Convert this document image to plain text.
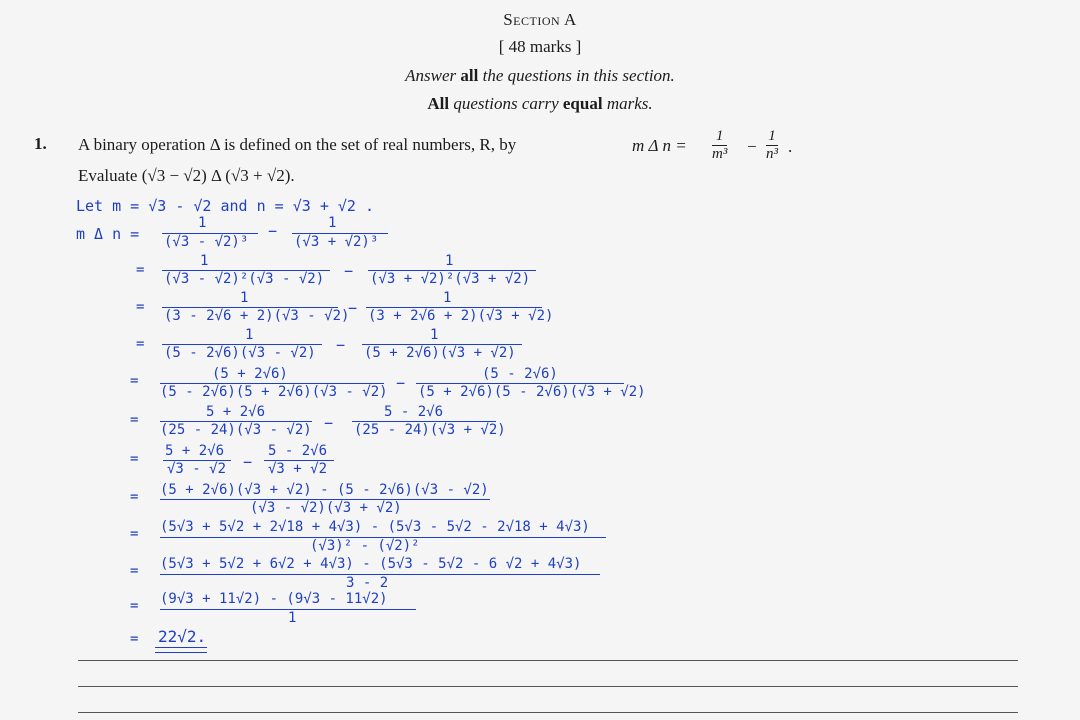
Section A
[ 48 marks ]
Answer all the questions in this section.
All questions carry equal marks.
1. A binary operation Δ is defined on the set of real numbers, R, by	m Δ $n = \frac{1}{\text{m³}} - \frac{1}{\text{n³}}$ .
Evaluate (√3 − √2) Δ (√3 + √2).
Let m = √3 - √2 and n = √3 + √2 .
m Δ n =
1
(√3 - √2)³
−	1
(√3 + √2)³
=
1
(√3 - √2)²(√3 - √2) −
1
(√3 + √2)²(√3 + √2)
=
1
(3 - 2√6 + 2)(√3 - √2)
−
1
(3 + 2√6 + 2)(√3 + √2)
=
1
(5 - 2√6)(√3 - √2) −
1
(5 + 2√6)(√3 + √2)
=	(5 + 2√6)
(5 - 2√6)(5 + 2√6)(√3 - √2) −	(5 - 2√6)
(5 + 2√6)(5 - 2√6)(√3 + √2)
=	5 + 2√6
(25 - 24)(√3 - √2) −
5 - 2√6
(25 - 24)(√3 + √2)
= 5 + 2√6
√3 - √2 −
5 - 2√6
√3 + √2
= (5 + 2√6)(√3 + √2) - (5 - 2√6)(√3 - √2)
(√3 - √2)(√3 + √2)
= (5√3 + 5√2 + 2√18 + 4√3) - (5√3 - 5√2 - 2√18 + 4√3)
(√3)² - (√2)²
= (5√3 + 5√2 + 6√2 + 4√3) - (5√3 - 5√2 - 6 √2 + 4√3)
3 - 2
= (9√3 + 11√2) - (9√3 - 11√2)
1
= 22√2.
